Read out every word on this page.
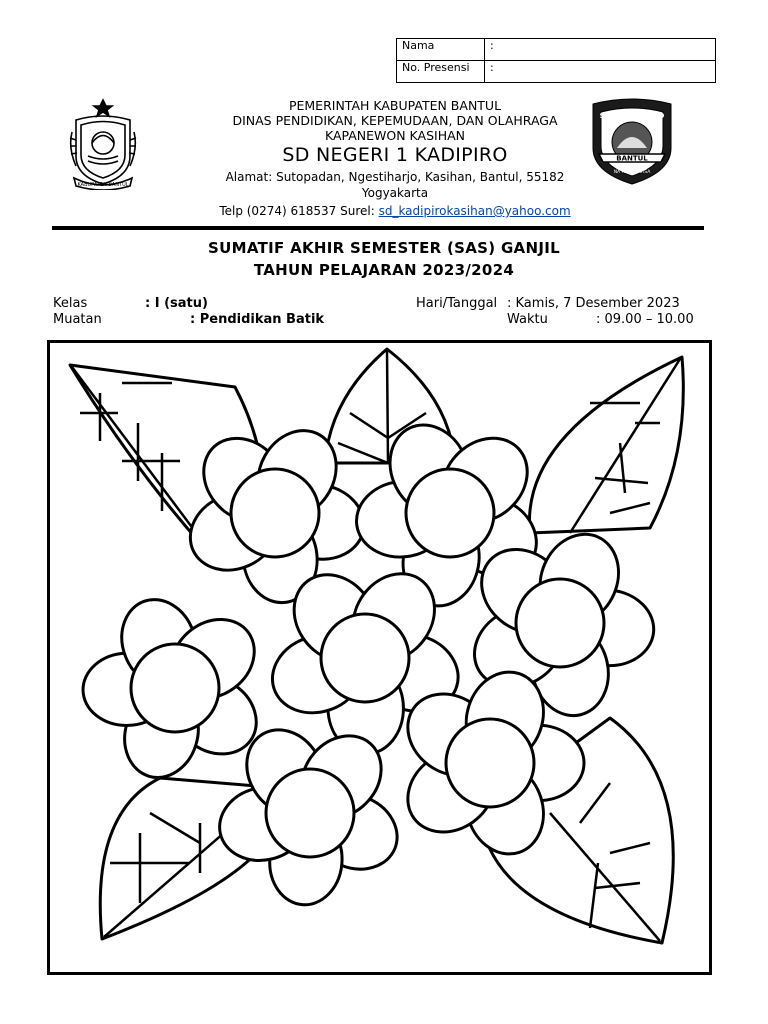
Nama	:
No. Presensi	:
KABUPATEN BANTUL
SDN 1 KADIPIRO
BANTUL
NA PANCA ARSA
PEMERINTAH KABUPATEN BANTUL
DINAS PENDIDIKAN, KEPEMUDAAN, DAN OLAHRAGA
KAPANEWON KASIHAN
SD NEGERI 1 KADIPIRO
Alamat: Sutopadan, Ngestiharjo, Kasihan, Bantul, 55182
Yogyakarta
Telp (0274) 618537 Surel: sd_kadipirokasihan@yahoo.com
SUMATIF AKHIR SEMESTER (SAS) GANJIL
TAHUN PELAJARAN 2023/2024
Kelas	: I (satu)
Muatan	: Pendidikan Batik
Hari/Tanggal : Kamis, 7 Desember 2023
Waktu	: 09.00 – 10.00
